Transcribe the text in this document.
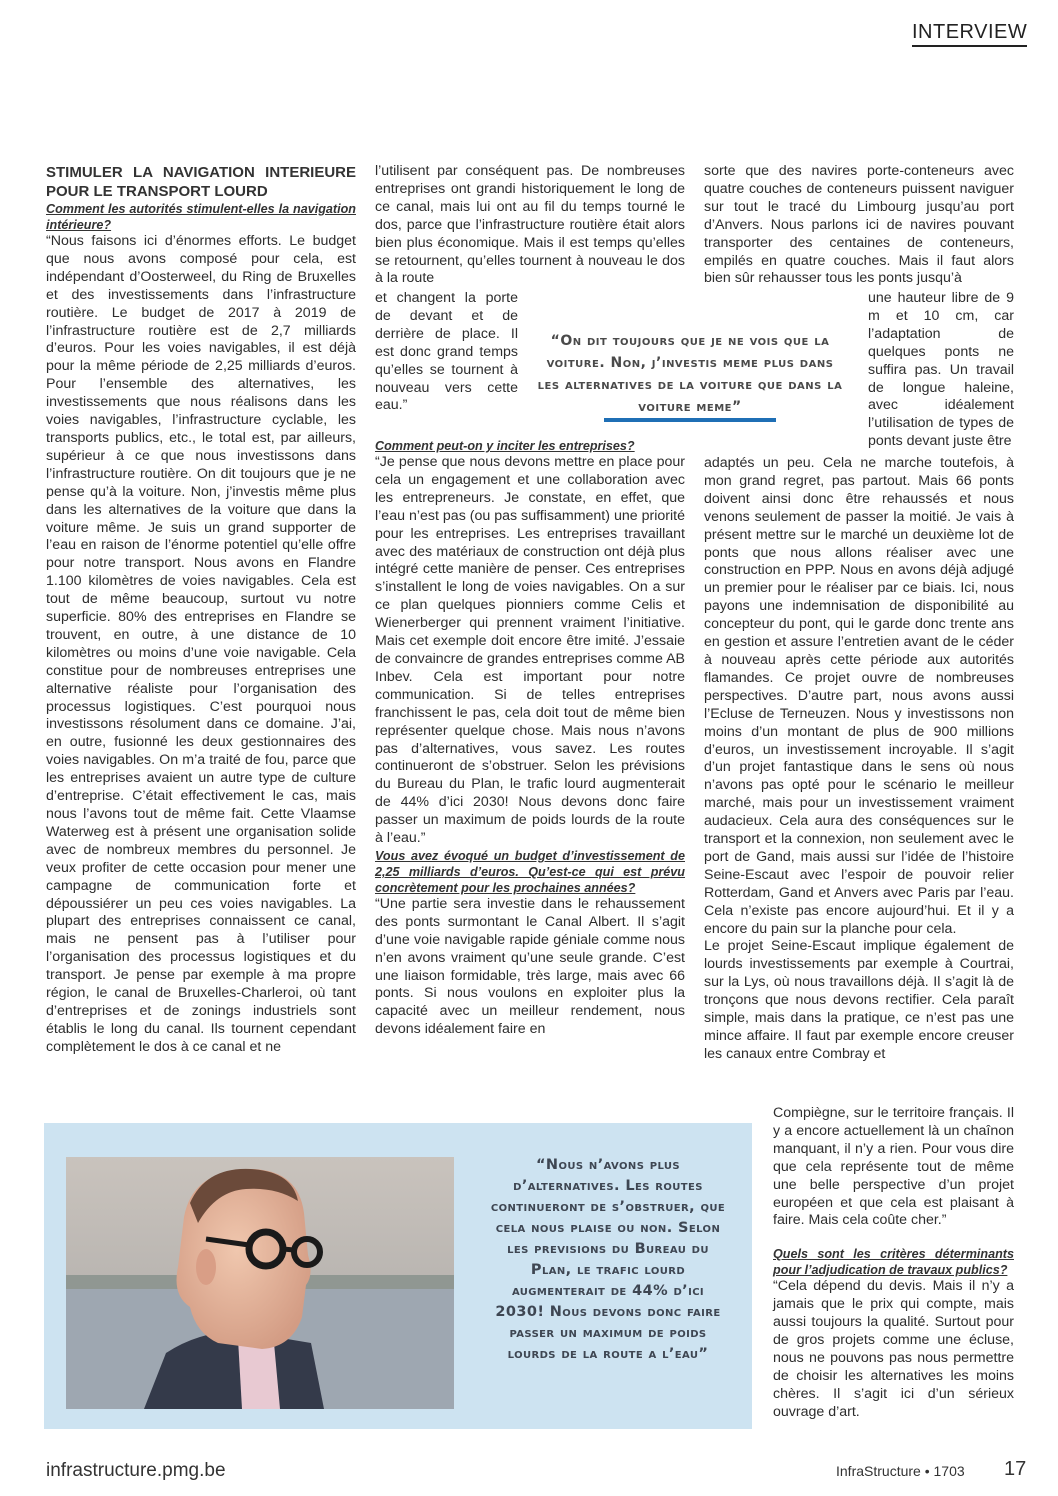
INTERVIEW

STIMULER LA NAVIGATION INTERIEURE POUR LE TRANSPORT LOURD

Comment les autorités stimulent-elles la navigation intérieure?

“Nous faisons ici d’énormes efforts. Le budget que nous avons composé pour cela, est indépendant d’Oosterweel, du Ring de Bruxelles et des investissements dans l’infrastructure routière. Le budget de 2017 à 2019 de l’infrastructure routière est de 2,7 milliards d’euros. Pour les voies navigables, il est déjà pour la même période de 2,25 milliards d’euros. Pour l’ensemble des alternatives, les investissements que nous réalisons dans les voies navigables, l’infrastructure cyclable, les transports publics, etc., le total est, par ailleurs, supérieur à ce que nous investissons dans l’infrastructure routière. On dit toujours que je ne pense qu’à la voiture. Non, j’investis même plus dans les alternatives de la voiture que dans la voiture même. Je suis un grand supporter de l’eau en raison de l’énorme potentiel qu’elle offre pour notre transport. Nous avons en Flandre 1.100 kilomètres de voies navigables. Cela est tout de même beaucoup, surtout vu notre superficie. 80% des entreprises en Flandre se trouvent, en outre, à une distance de 10 kilomètres ou moins d’une voie navigable. Cela constitue pour de nombreuses entreprises une alternative réaliste pour l’organisation des processus logistiques. C’est pourquoi nous investissons résolument dans ce domaine. J’ai, en outre, fusionné les deux gestionnaires des voies navigables. On m’a traité de fou, parce que les entreprises avaient un autre type de culture d’entreprise. C’était effectivement le cas, mais nous l’avons tout de même fait. Cette Vlaamse Waterweg est à présent une organisation solide avec de nombreux membres du personnel. Je veux profiter de cette occasion pour mener une campagne de communication forte et dépoussiérer un peu ces voies navigables. La plupart des entreprises connaissent ce canal, mais ne pensent pas à l’utiliser pour l’organisation des processus logistiques et du transport. Je pense par exemple à ma propre région, le canal de Bruxelles-Charleroi, où tant d’entreprises et de zonings industriels sont établis le long du canal. Ils tournent cependant complètement le dos à ce canal et ne

l’utilisent par conséquent pas. De nombreuses entreprises ont grandi historiquement le long de ce canal, mais lui ont au fil du temps tourné le dos, parce que l’infrastructure routière était alors bien plus économique. Mais il est temps qu’elles se retournent, qu’elles tournent à nouveau le dos à la route

et changent la porte de devant et de derrière de place. Il est donc grand temps qu’elles se tournent à nouveau vers cette eau.”

Comment peut-on y inciter les entreprises?

“Je pense que nous devons mettre en place pour cela un engagement et une collaboration avec les entrepreneurs. Je constate, en effet, que l’eau n’est pas (ou pas suffisamment) une priorité pour les entreprises. Les entreprises travaillant avec des matériaux de construction ont déjà plus intégré cette manière de penser. Ces entreprises s’installent le long de voies navigables. On a sur ce plan quelques pionniers comme Celis et Wienerberger qui prennent vraiment l’initiative. Mais cet exemple doit encore être imité. J’essaie de convaincre de grandes entreprises comme AB Inbev. Cela est important pour notre communication. Si de telles entreprises franchissent le pas, cela doit tout de même bien représenter quelque chose. Mais nous n’avons pas d’alternatives, vous savez. Les routes continueront de s’obstruer. Selon les prévisions du Bureau du Plan, le trafic lourd augmenterait de 44% d’ici 2030! Nous devons donc faire passer un maximum de poids lourds de la route à l’eau.”

Vous avez évoqué un budget d’investissement de 2,25 milliards d’euros. Qu’est-ce qui est prévu concrètement pour les prochaines années?

“Une partie sera investie dans le rehaussement des ponts surmontant le Canal Albert. Il s’agit d’une voie navigable rapide géniale comme nous n’en avons vraiment qu’une seule grande. C’est une liaison formidable, très large, mais avec 66 ponts. Si nous voulons en exploiter plus la capacité avec un meilleur rendement, nous devons idéalement faire en

“On dit toujours que je ne vois que la voiture. Non, j’investis meme plus dans les alternatives de la voiture que dans la voiture meme”

sorte que des navires porte-conteneurs avec quatre couches de conteneurs puissent naviguer sur tout le tracé du Limbourg jusqu’au port d’Anvers. Nous parlons ici de navires pouvant transporter des centaines de conteneurs, empilés en quatre couches. Mais il faut alors bien sûr rehausser tous les ponts jusqu’à

une hauteur libre de 9 m et 10 cm, car l’adaptation de quelques ponts ne suffira pas. Un travail de longue haleine, avec idéalement l’utilisation de types de ponts devant juste être

adaptés un peu. Cela ne marche toutefois, à mon grand regret, pas partout. Mais 66 ponts doivent ainsi donc être rehaussés et nous venons seulement de passer la moitié. Je vais à présent mettre sur le marché un deuxième lot de ponts que nous allons réaliser avec une construction en PPP. Nous en avons déjà adjugé un premier pour le réaliser par ce biais. Ici, nous payons une indemnisation de disponibilité au concepteur du pont, qui le garde donc trente ans en gestion et assure l’entretien avant de le céder à nouveau après cette période aux autorités flamandes. Ce projet ouvre de nombreuses perspectives. D’autre part, nous avons aussi l’Ecluse de Terneuzen. Nous y investissons non moins d’un montant de plus de 900 millions d’euros, un investissement incroyable. Il s’agit d’un projet fantastique dans le sens où nous n’avons pas opté pour le scénario le meilleur marché, mais pour un investissement vraiment audacieux. Cela aura des conséquences sur le transport et la connexion, non seulement avec le port de Gand, mais aussi sur l’idée de l’histoire Seine-Escaut avec l’espoir de pouvoir relier Rotterdam, Gand et Anvers avec Paris par l’eau. Cela n’existe pas encore aujourd’hui. Et il y a encore du pain sur la planche pour cela.

Le projet Seine-Escaut implique également de lourds investissements par exemple à Courtrai, sur la Lys, où nous travaillons déjà. Il s’agit là de tronçons que nous devons rectifier. Cela paraît simple, mais dans la pratique, ce n’est pas une mince affaire. Il faut par exemple encore creuser les canaux entre Combray et

Compiègne, sur le territoire français. Il y a encore actuellement là un chaînon manquant, il n’y a rien. Pour vous dire que cela représente tout de même une belle perspective d’un projet européen et que cela est plaisant à faire. Mais cela coûte cher.”

Quels sont les critères déterminants pour l’adjudication de travaux publics?

“Cela dépend du devis. Mais il n’y a jamais que le prix qui compte, mais aussi toujours la qualité. Surtout pour de gros projets comme une écluse, nous ne pouvons pas nous permettre de choisir les alternatives les moins chères. Il s’agit ici d’un sérieux ouvrage d’art.

“Nous n’avons plus d’alternatives. Les routes continueront de s’obstruer, que cela nous plaise ou non. Selon les previsions du Bureau du Plan, le trafic lourd augmenterait de 44% d’ici 2030! Nous devons donc faire passer un maximum de poids lourds de la route a l’eau”
infrastructure.pmg.be	InfraStructure • 1703 17
